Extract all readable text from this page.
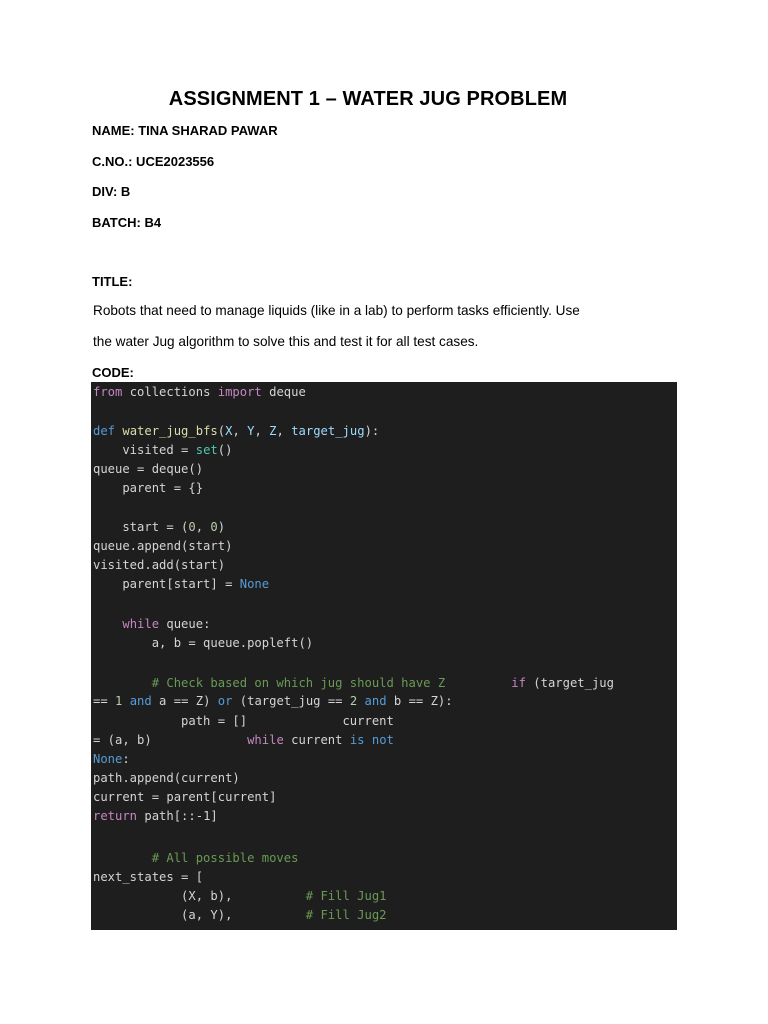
ASSIGNMENT 1 – WATER JUG PROBLEM
NAME: TINA SHARAD PAWAR
C.NO.: UCE2023556
DIV: B
BATCH: B4
TITLE:
Robots that need to manage liquids (like in a lab) to perform tasks efficiently. Use
the water Jug algorithm to solve this and test it for all test cases.
CODE:
from collections import deque
def water_jug_bfs(X, Y, Z, target_jug):
visited = set()
queue = deque()
parent = {}
start = (0, 0)
queue.append(start)
visited.add(start)
parent[start] = None
while queue:
a, b = queue.popleft()
# Check based on which jug should have Z	if (target_jug
== 1 and a == Z) or (target_jug == 2 and b == Z):
path = []             current
= (a, b)             while current is not
None:
path.append(current)
current = parent[current]
return path[::-1]
# All possible moves
next_states = [
(X, b),          # Fill Jug1
(a, Y),          # Fill Jug2
